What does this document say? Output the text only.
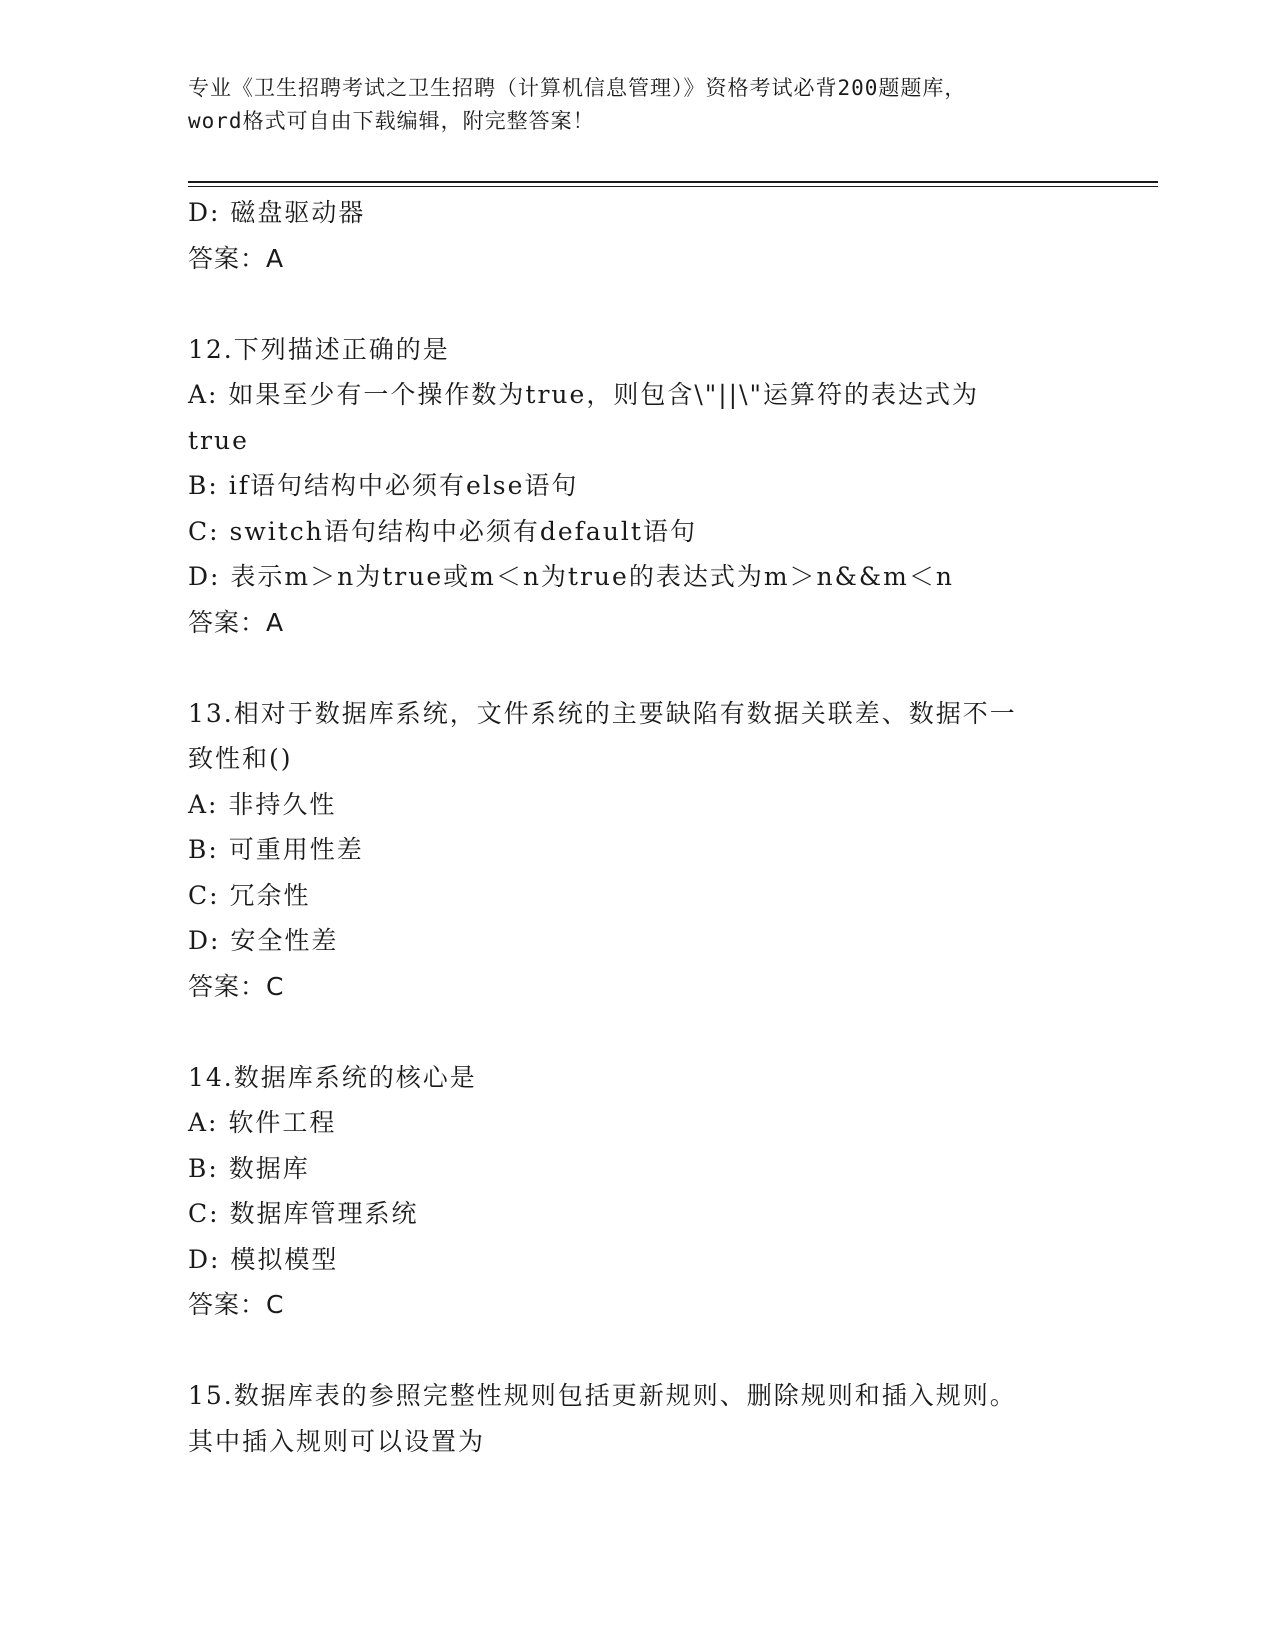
专业《卫生招聘考试之卫生招聘（计算机信息管理）》资格考试必背200题题库，
word格式可自由下载编辑，附完整答案！
D: 磁盘驱动器
答案：A
12.下列描述正确的是
A: 如果至少有一个操作数为true，则包含\"||\"运算符的表达式为
true
B: if语句结构中必须有else语句
C: switch语句结构中必须有default语句
D: 表示m＞n为true或m＜n为true的表达式为m＞n&&m＜n
答案：A
13.相对于数据库系统，文件系统的主要缺陷有数据关联差、数据不一
致性和()
A: 非持久性
B: 可重用性差
C: 冗余性
D: 安全性差
答案：C
14.数据库系统的核心是
A: 软件工程
B: 数据库
C: 数据库管理系统
D: 模拟模型
答案：C
15.数据库表的参照完整性规则包括更新规则、删除规则和插入规则。
其中插入规则可以设置为
